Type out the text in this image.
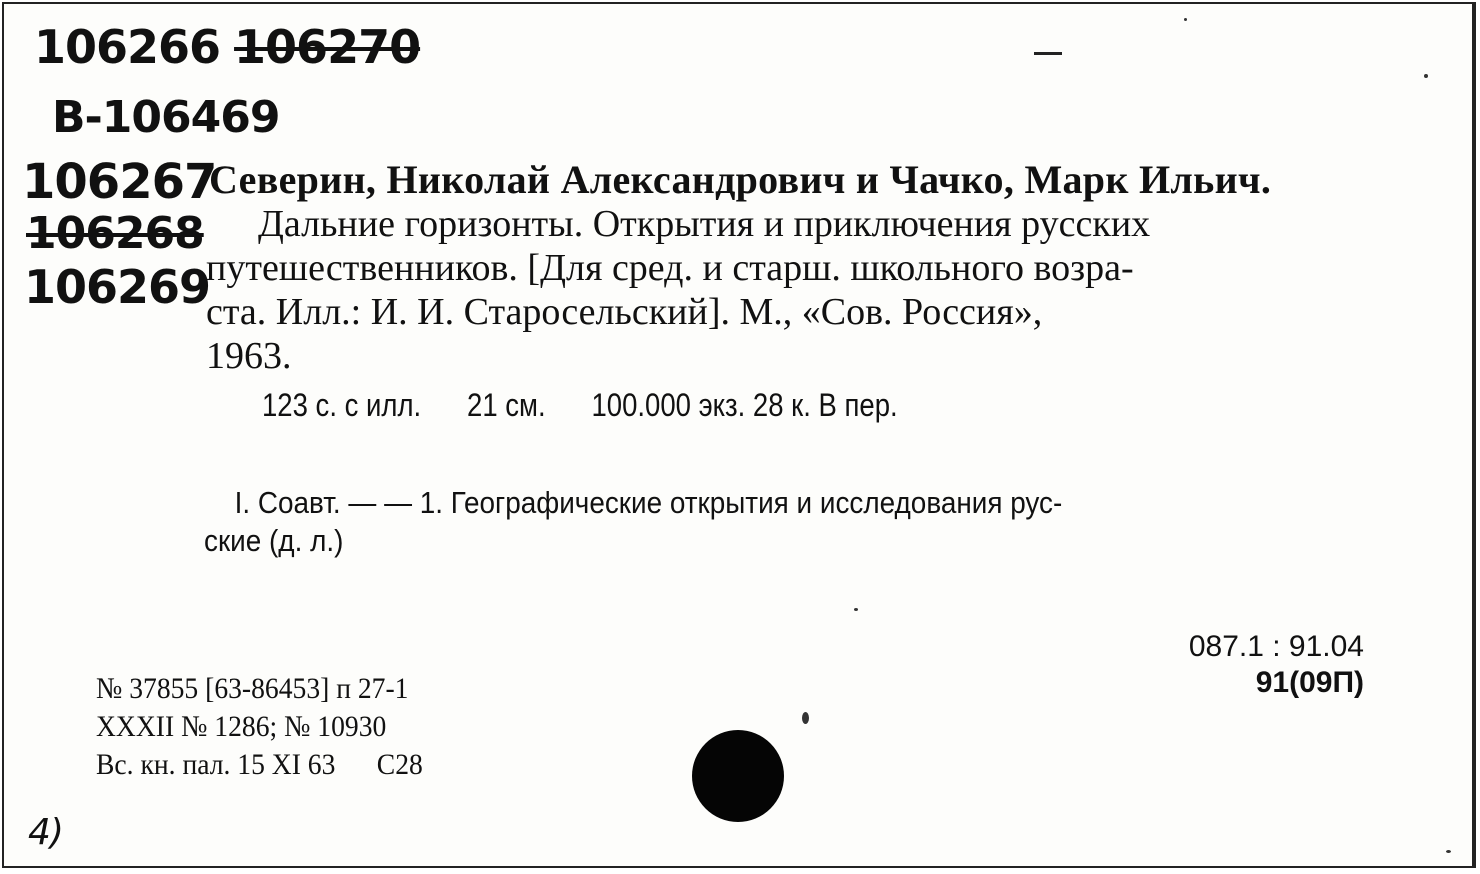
106266 106270
В-106469
106267
106268
106269
Северин, Николай Александрович и Чачко, Марк Ильич.
Дальние горизонты. Открытия и приключения русских
путешественников. [Для сред. и старш. школьного возра-
ста. Илл.: И. И. Старосельский]. М., «Сов. Россия»,
1963.
123 с. с илл.      21 см.      100.000 экз. 28 к. В пер.
I. Соавт. — — 1. Географические открытия и исследования рус-
ские (д. л.)
087.1 : 91.04
91(09П)
№ 37855 [63-86453] п 27-1
XXXII № 1286; № 10930
Вс. кн. пал. 15 XI 63      С28
4)
